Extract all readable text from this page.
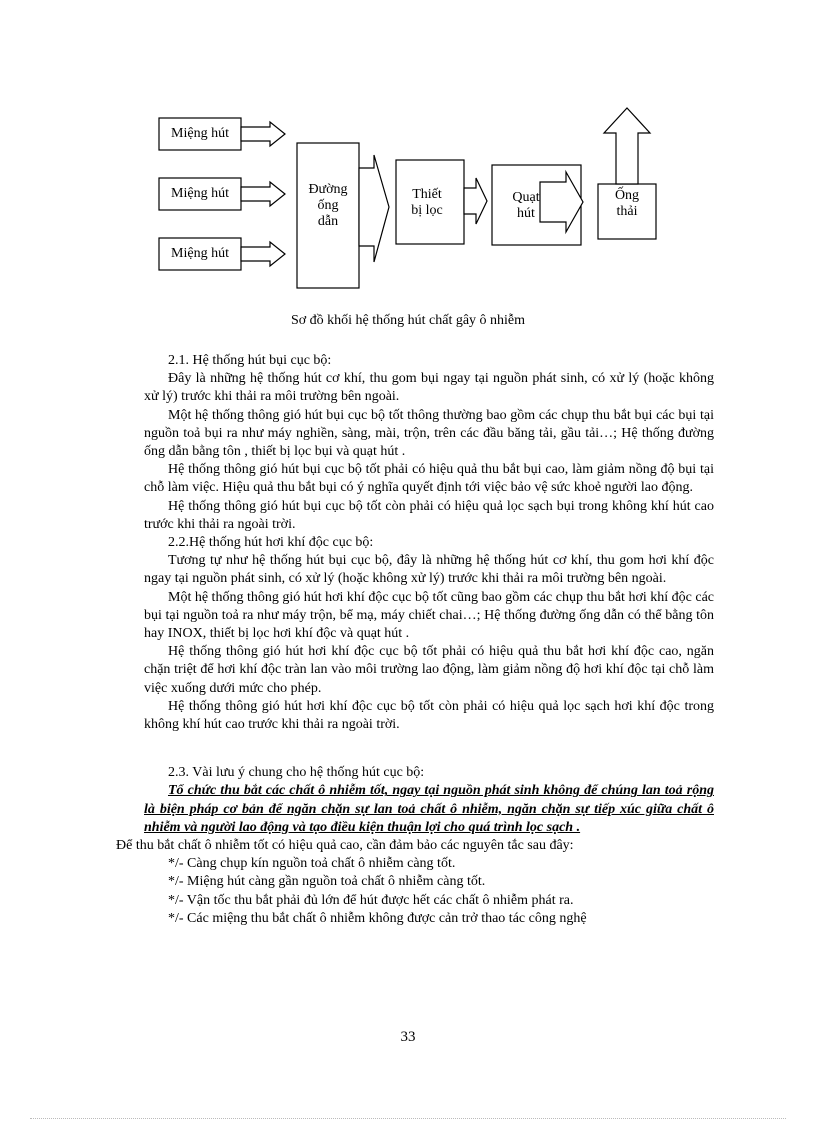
Miệng hút
Miệng hút
Miệng hút
Đường
ống
dẫn
Thiết
bị lọc
Quạt
hút
Ống
thải
Sơ đồ khối hệ thống hút chất gây ô nhiễm

2.1. Hệ thống hút bụi cục bộ:

Đây là những hệ thống hút cơ khí, thu gom bụi ngay tại nguồn phát sinh, có xử lý (hoặc không xử lý) trước khi thải ra môi trường bên ngoài.

Một hệ thống thông gió hút bụi cục bộ tốt thông thường bao gồm các chụp thu bắt bụi các bụi tại nguồn toả bụi ra như máy nghiền, sàng, mài, trộn, trên các đầu băng tải, gầu tải…; Hệ thống đường ống dẫn bằng tôn , thiết bị lọc bụi và quạt hút .

Hệ thống thông gió hút bụi cục bộ tốt phải có hiệu quả thu bắt bụi cao, làm giảm nồng độ bụi tại chỗ làm việc. Hiệu quả thu bắt bụi có ý nghĩa quyết định tới việc bảo vệ sức khoẻ người lao động.

Hệ thống thông gió hút bụi cục bộ tốt còn phải có hiệu quả lọc sạch bụi trong không khí hút cao trước khi thải ra ngoài trời.

2.2.Hệ thống hút hơi khí độc cục bộ:

Tương tự như hệ thống hút bụi cục bộ, đây là những hệ thống hút cơ khí, thu gom hơi khí độc ngay tại nguồn phát sinh, có xử lý (hoặc không xử lý) trước khi thải ra môi trường bên ngoài.

Một hệ thống thông gió hút hơi khí độc cục bộ tốt cũng bao gồm các chụp thu bắt hơi khí độc các bụi tại nguồn toả ra như máy trộn, bể mạ, máy chiết chai…; Hệ thống đường ống dẫn có thể bằng tôn hay INOX, thiết bị lọc hơi khí độc và quạt hút .

Hệ thống thông gió hút hơi khí độc cục bộ tốt phải có hiệu quả thu bắt hơi khí độc cao, ngăn chặn triệt để hơi khí độc tràn lan vào môi trường lao động, làm giảm nồng độ hơi khí độc tại chỗ làm việc xuống dưới mức cho phép.

Hệ thống thông gió hút hơi khí độc cục bộ tốt còn phải có hiệu quả lọc sạch hơi khí độc trong không khí hút cao trước khi thải ra ngoài trời.

2.3. Vài lưu ý chung cho hệ thống hút cục bộ:

Tổ chức thu bắt các chất ô nhiễm tốt, ngay tại nguồn phát sinh không để chúng lan toả rộng là biện pháp cơ bản để ngăn chặn sự lan toả chất ô nhiễm, ngăn chặn sự tiếp xúc giữa chất ô nhiễm và người lao động và tạo điều kiện thuận lợi cho quá trình lọc sạch .

Để thu bắt chất ô nhiễm tốt có hiệu quả cao, cần đảm bảo các nguyên tắc sau đây:

*/- Càng chụp kín nguồn toả chất ô nhiễm càng tốt.

*/- Miệng hút càng gần nguồn toả chất ô nhiễm càng tốt.

*/- Vận tốc thu bắt phải đủ lớn để hút được hết các chất ô nhiễm phát ra.

*/- Các miệng thu bắt chất ô nhiễm không được cản trở thao tác công nghệ

33
